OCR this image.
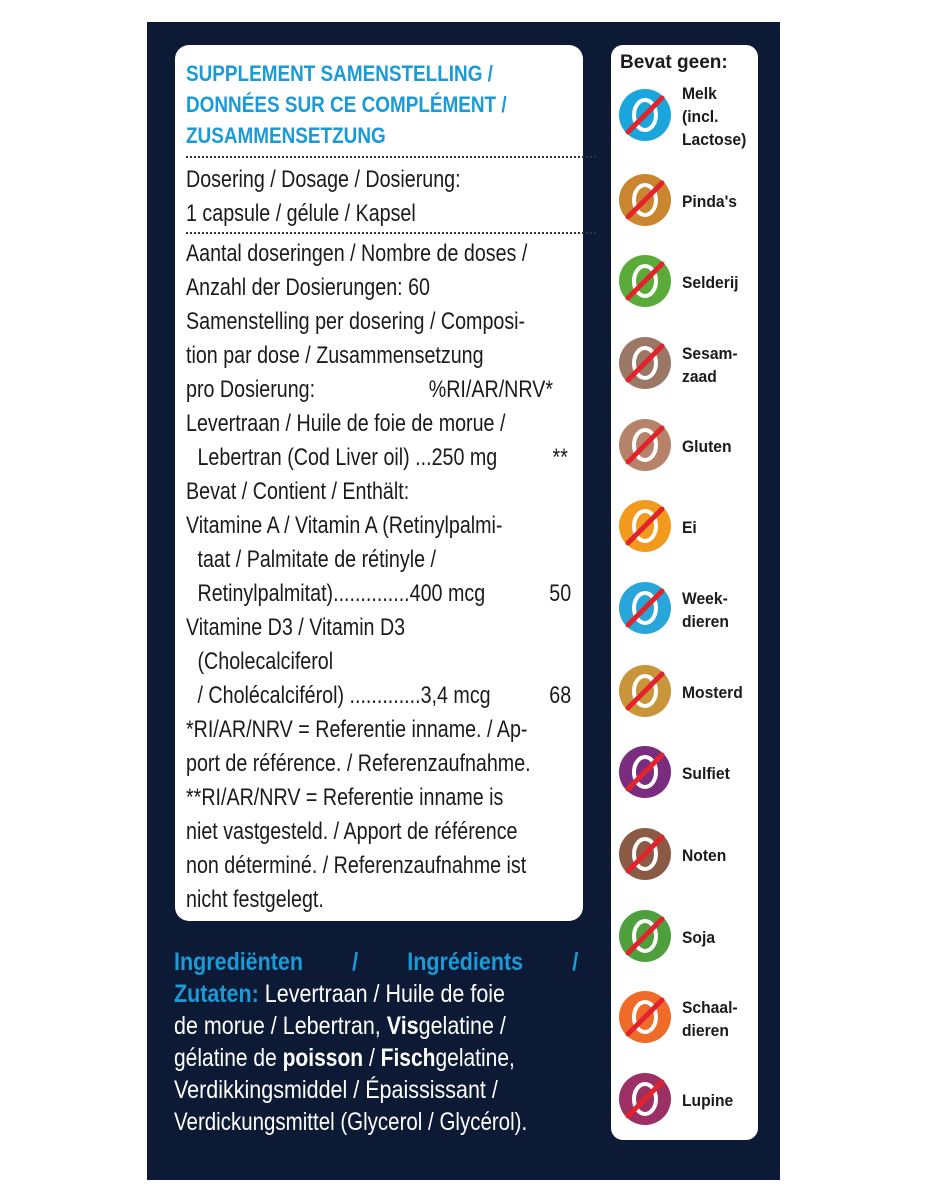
SUPPLEMENT SAMENSTELLING /
DONNÉES SUR CE COMPLÉMENT /
ZUSAMMENSETZUNG
Dosering / Dosage / Dosierung:
1 capsule / gélule / Kapsel
Aantal doseringen / Nombre de doses /
Anzahl der Dosierungen: 60
Samenstelling per dosering / Composi-
tion par dose / Zusammensetzung
pro Dosierung:	%RI/AR/NRV*
Levertraan / Huile de foie de morue /
Lebertran (Cod Liver oil) ...250 mg **
Bevat / Contient / Enthält:
Vitamine A / Vitamin A (Retinylpalmi-
taat / Palmitate de rétinyle /
Retinylpalmitat)..............400 mcg	50
Vitamine D3 / Vitamin D3
(Cholecalciferol
/ Cholécalciférol) .............3,4 mcg 68
*RI/AR/NRV = Referentie inname. / Ap-
port de référence. / Referenzaufnahme.
**RI/AR/NRV = Referentie inname is
niet vastgesteld. / Apport de référence
non déterminé. / Referenzaufnahme ist
nicht festgelegt.
Ingrediënten / Ingrédients /
Zutaten: Levertraan / Huile de foie
de morue / Lebertran, Visgelatine /
gélatine de poisson / Fischgelatine,
Verdikkingsmiddel / Épaississant /
Verdickungsmittel (Glycerol / Glycérol).
Bevat geen:
Melk
(incl.
Lactose)
Pinda's
Selderij
Sesam-
zaad
Gluten
Ei
Week-
dieren
Mosterd
Sulfiet
Noten
Soja
Schaal-
dieren
Lupine
